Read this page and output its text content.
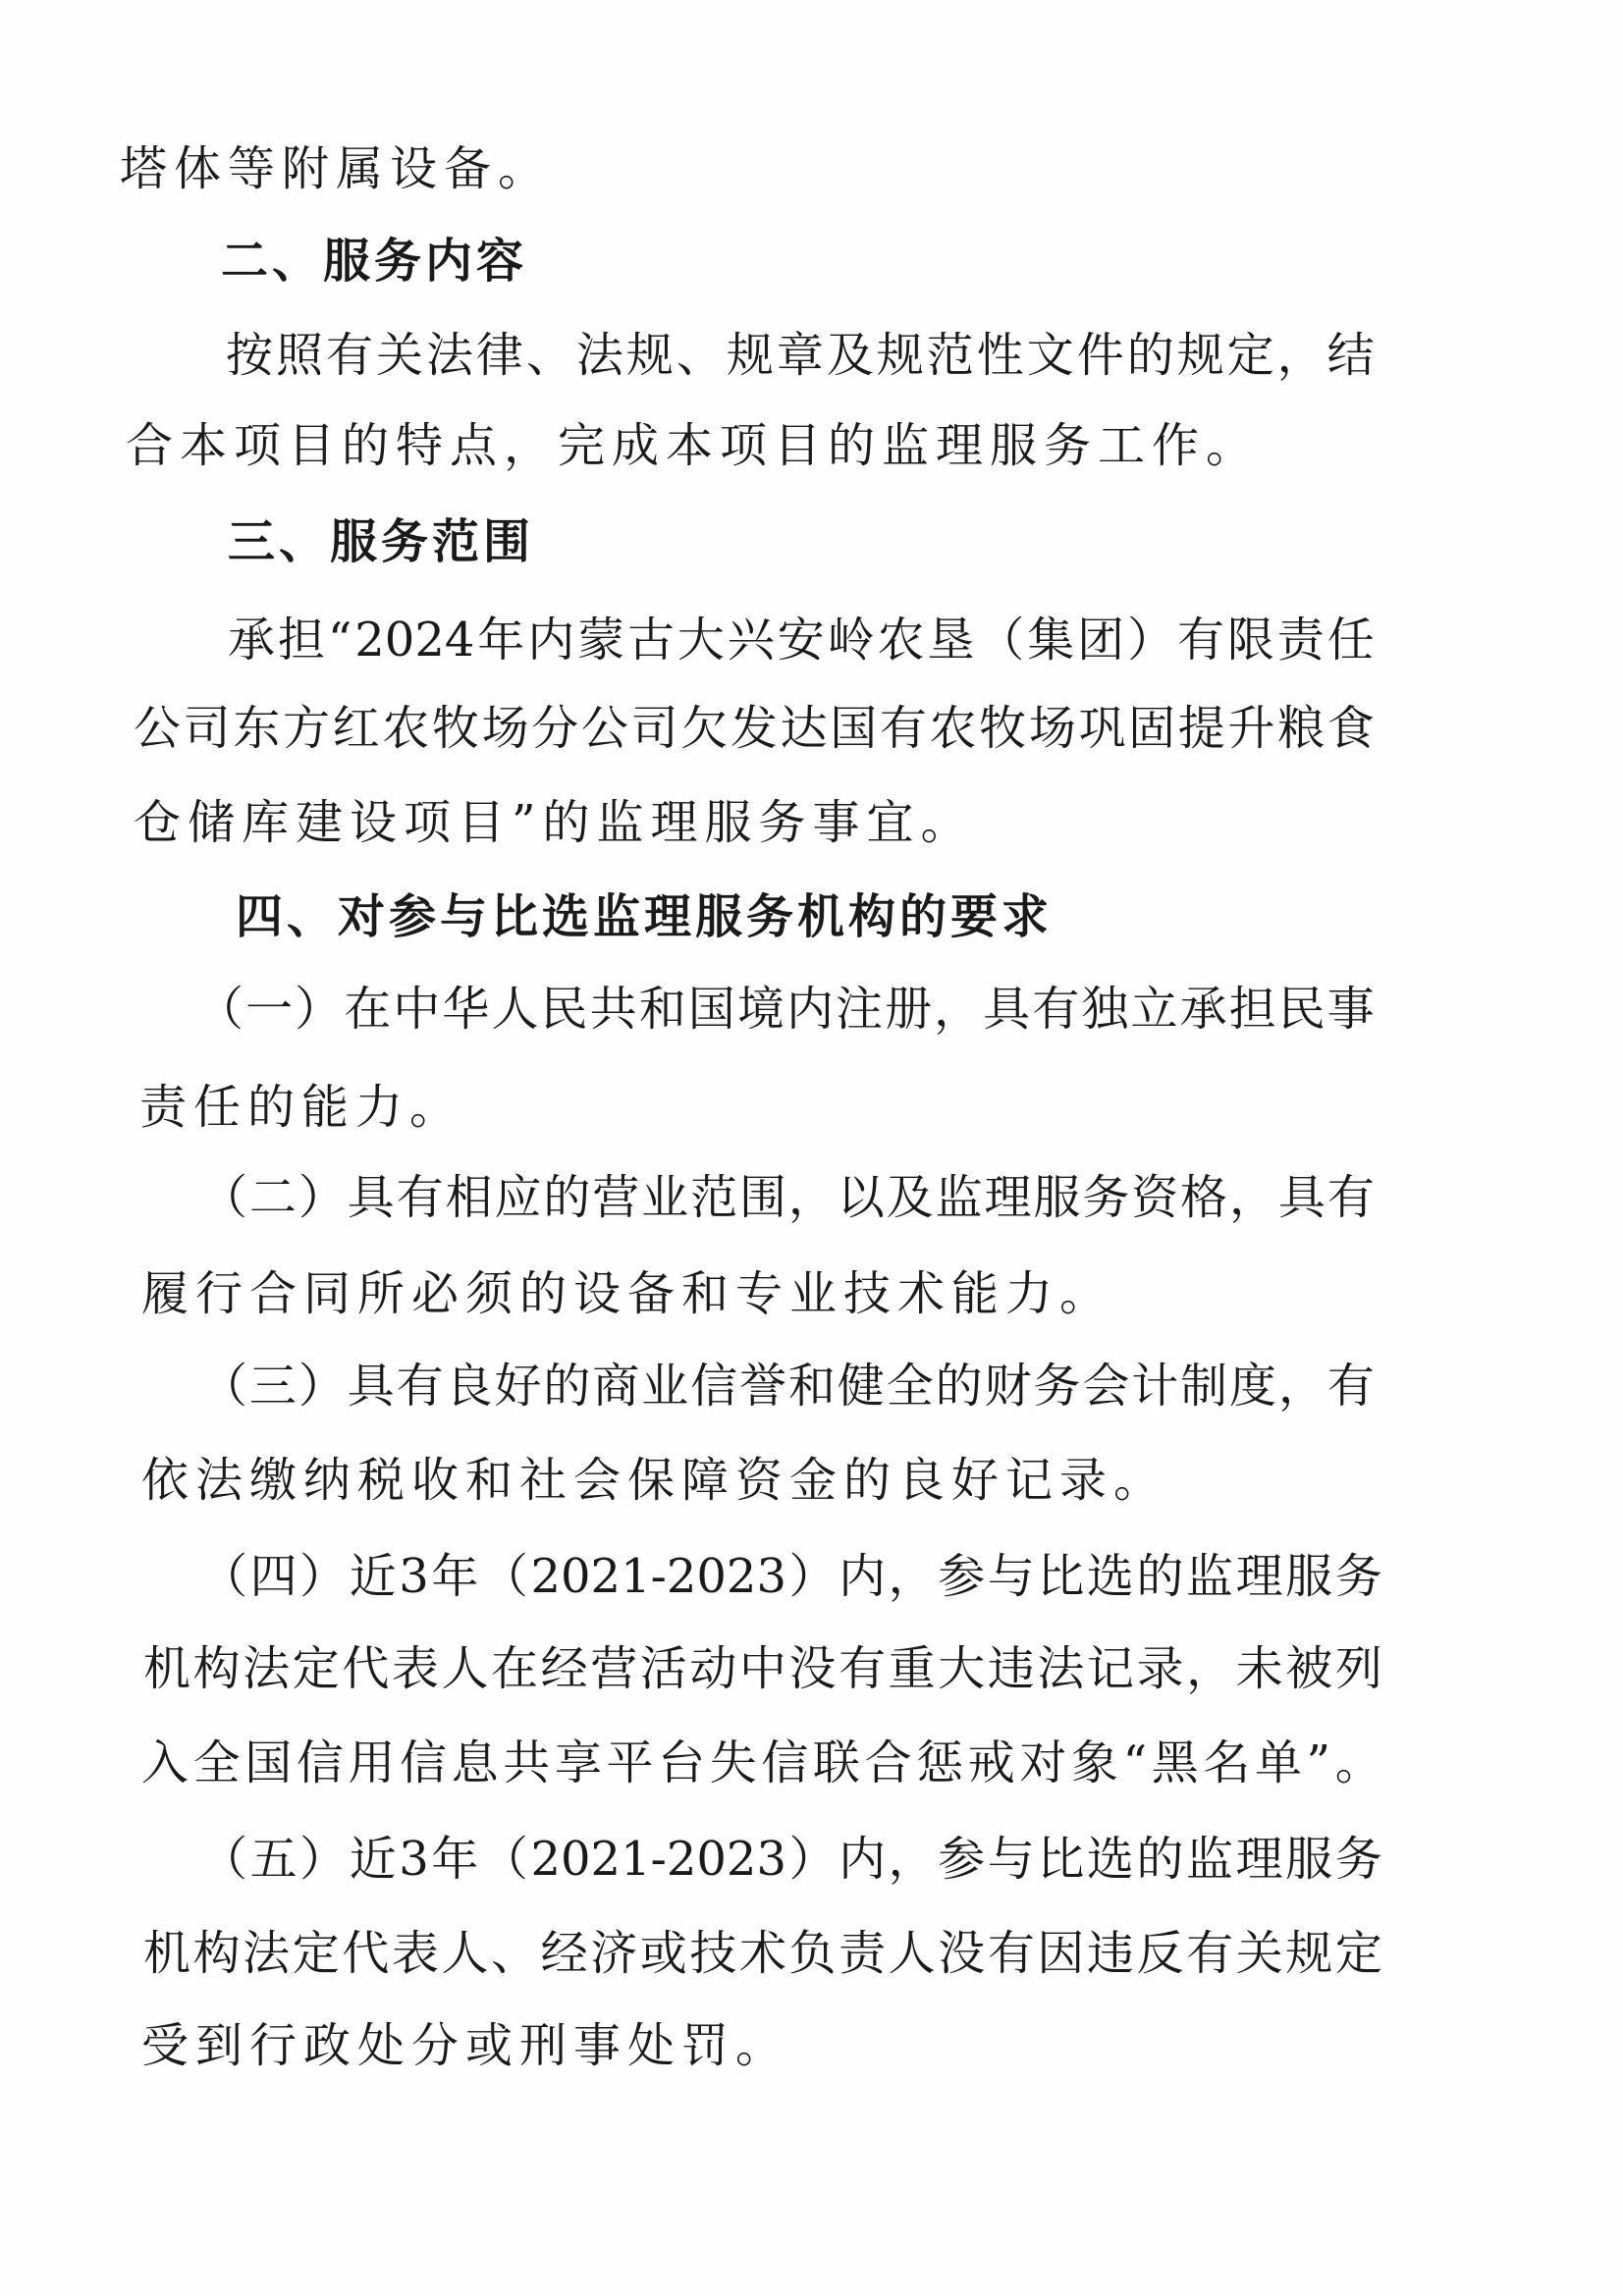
塔体等附属设备。
二、服务内容
按 照 有 关 法 律 、 法 规 、 规 章 及 规 范 性 文 件 的 规 定 ， 结
合本项目的特点，完成本项目的监理服务工作。
三、服务范围
承 担 “ 2024 年 内 蒙 古 大 兴 安 岭 农 垦 （ 集 团 ） 有 限 责 任
公 司 东 方 红 农 牧 场 分 公 司 欠 发 达 国 有 农 牧 场 巩 固 提 升 粮 食
仓储库建设项目”的监理服务事宜。
四、对参与比选监理服务机构的要求
（ 一 ） 在 中 华 人 民 共 和 国 境 内 注 册 ， 具 有 独 立 承 担 民 事
责任的能力。
（ 二 ） 具 有 相 应 的 营 业 范 围 ， 以 及 监 理 服 务 资 格 ， 具 有
履行合同所必须的设备和专业技术能力。
（ 三 ） 具 有 良 好 的 商 业 信 誉 和 健 全 的 财 务 会 计 制 度 ， 有
依法缴纳税收和社会保障资金的良好记录。
（ 四 ） 近 3 年 （ 2021-2023 ） 内 ， 参 与 比 选 的 监 理 服 务
机 构 法 定 代 表 人 在 经 营 活 动 中 没 有 重 大 违 法 记 录 ， 未 被 列
入 全 国 信 用 信 息 共 享 平 台 失 信 联 合 惩 戒 对 象 “ 黑 名 单 ” 。
（ 五 ） 近 3 年 （ 2021-2023 ） 内 ， 参 与 比 选 的 监 理 服 务
机 构 法 定 代 表 人 、 经 济 或 技 术 负 责 人 没 有 因 违 反 有 关 规 定
受到行政处分或刑事处罚。
